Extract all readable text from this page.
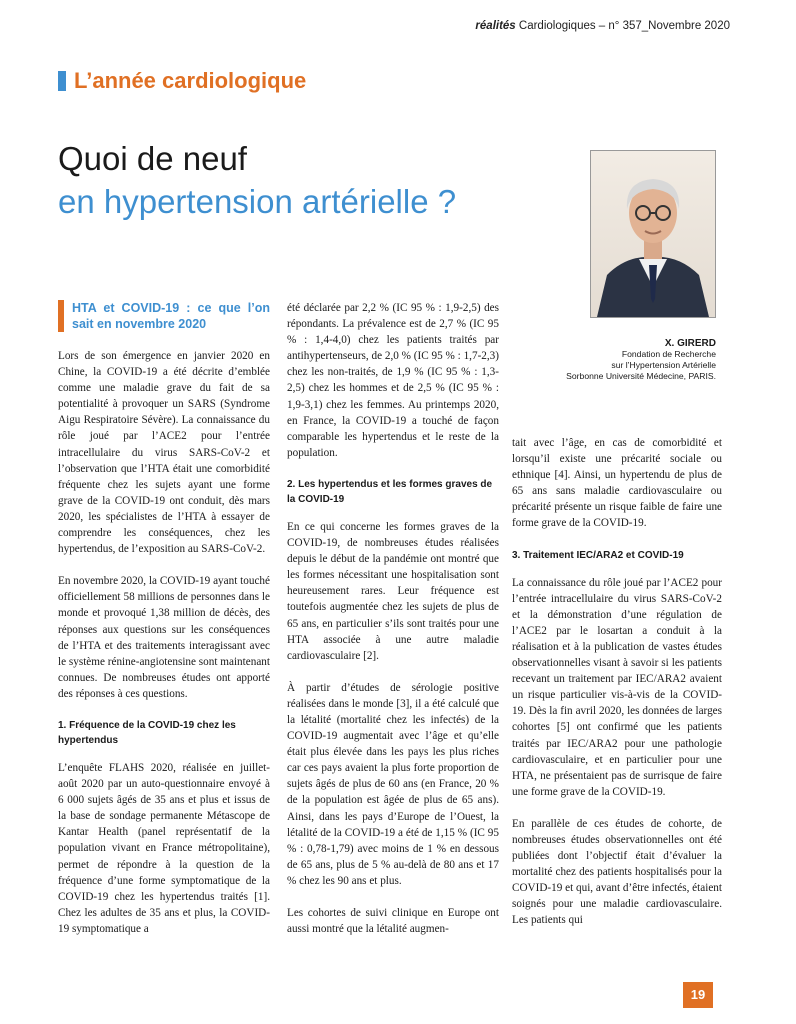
réalités Cardiologiques – n° 357_Novembre 2020
L’année cardiologique
Quoi de neuf
en hypertension artérielle ?
X. GIRERD
Fondation de Recherche
sur l’Hypertension Artérielle
Sorbonne Université Médecine, PARIS.
HTA et COVID-19 : ce que l’on sait en novembre 2020

Lors de son émergence en janvier 2020 en Chine, la COVID-19 a été décrite d’emblée comme une maladie grave du fait de sa potentialité à provoquer un SARS (Syndrome Aigu Respiratoire Sévère). La connaissance du rôle joué par l’ACE2 pour l’entrée intracellulaire du virus SARS-CoV-2 et l’observation que l’HTA était une comorbidité fréquente chez les sujets ayant une forme grave de la COVID-19 ont conduit, dès mars 2020, les spécialistes de l’HTA à essayer de comprendre les conséquences, chez les hypertendus, de l’exposition au SARS-CoV-2.

En novembre 2020, la COVID-19 ayant touché officiellement 58 millions de personnes dans le monde et provoqué 1,38 million de décès, des réponses aux questions sur les conséquences de l’HTA et des traitements interagissant avec le système rénine-angiotensine sont maintenant connues. De nombreuses études ont apporté des réponses à ces questions.

1. Fréquence de la COVID-19 chez les hypertendus

L’enquête FLAHS 2020, réalisée en juillet-août 2020 par un auto-questionnaire envoyé à 6 000 sujets âgés de 35 ans et plus et issus de la base de sondage permanente Métascope de Kantar Health (panel représentatif de la population vivant en France métropolitaine), permet de répondre à la question de la fréquence d’une forme symptomatique de la COVID-19 chez les hypertendus traités [1]. Chez les adultes de 35 ans et plus, la COVID-19 symptomatique a

été déclarée par 2,2 % (IC 95 % : 1,9-2,5) des répondants. La prévalence est de 2,7 % (IC 95 % : 1,4-4,0) chez les patients traités par antihypertenseurs, de 2,0 % (IC 95 % : 1,7-2,3) chez les non-traités, de 1,9 % (IC 95 % : 1,3-2,5) chez les hommes et de 2,5 % (IC 95 % : 1,9-3,1) chez les femmes. Au printemps 2020, en France, la COVID-19 a touché de façon comparable les hypertendus et le reste de la population.

2. Les hypertendus et les formes graves de la COVID-19

En ce qui concerne les formes graves de la COVID-19, de nombreuses études réalisées depuis le début de la pandémie ont montré que les formes nécessitant une hospitalisation sont heureusement rares. Leur fréquence est toutefois augmentée chez les sujets de plus de 65 ans, en particulier s’ils sont traités pour une HTA associée à une autre maladie cardiovasculaire [2].

À partir d’études de sérologie positive réalisées dans le monde [3], il a été calculé que la létalité (mortalité chez les infectés) de la COVID-19 augmentait avec l’âge et qu’elle était plus élevée dans les pays les plus riches car ces pays avaient la plus forte proportion de sujets âgés de plus de 60 ans (en France, 20 % de la population est âgée de plus de 65 ans). Ainsi, dans les pays d’Europe de l’Ouest, la létalité de la COVID-19 a été de 1,15 % (IC 95 % : 0,78-1,79) avec moins de 1 % en dessous de 65 ans, plus de 5 % au-delà de 80 ans et 17 % chez les 90 ans et plus.

Les cohortes de suivi clinique en Europe ont aussi montré que la létalité augmen-

tait avec l’âge, en cas de comorbidité et lorsqu’il existe une précarité sociale ou ethnique [4]. Ainsi, un hypertendu de plus de 65 ans sans maladie cardiovasculaire ou précarité présente un risque faible de faire une forme grave de la COVID-19.

3. Traitement IEC/ARA2 et COVID-19

La connaissance du rôle joué par l’ACE2 pour l’entrée intracellulaire du virus SARS-CoV-2 et la démonstration d’une régulation de l’ACE2 par le losartan a conduit à la réalisation et à la publication de vastes études observationnelles visant à savoir si les patients recevant un traitement par IEC/ARA2 avaient un risque particulier vis-à-vis de la COVID-19. Dès la fin avril 2020, les données de larges cohortes [5] ont confirmé que les patients traités par IEC/ARA2 pour une pathologie cardiovasculaire, et en particulier pour une HTA, ne présentaient pas de surrisque de faire une forme grave de la COVID-19.

En parallèle de ces études de cohorte, de nombreuses études observationnelles ont été publiées dont l’objectif était d’évaluer la mortalité chez des patients hospitalisés pour la COVID-19 et qui, avant d’être infectés, étaient soignés pour une maladie cardiovasculaire. Les patients qui

19
